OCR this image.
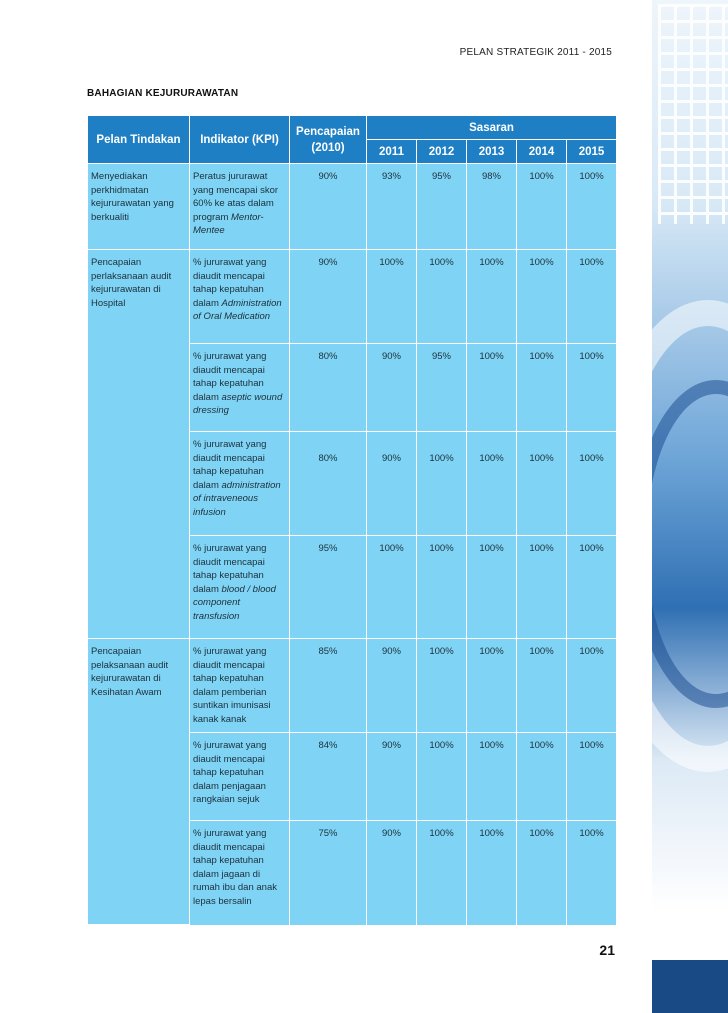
PELAN STRATEGIK 2011 - 2015
BAHAGIAN KEJURURAWATAN
Pelan Tindakan	Indikator (KPI)	Pencapaian (2010)	Sasaran				
			2011	2012	2013	2014	2015
Menyediakan perkhidmatan kejururawatan yang berkualiti	Peratus jururawat yang mencapai skor 60% ke atas dalam program Mentor-Mentee	90%	93%	95%	98%	100%	100%
Pencapaian perlaksanaan audit kejururawatan di Hospital	% jururawat yang diaudit mencapai tahap kepatuhan dalam Administration of Oral Medication	90%	100%	100%	100%	100%	100%
	% jururawat yang diaudit mencapai tahap kepatuhan dalam aseptic wound dressing	80%	90%	95%	100%	100%	100%
	% jururawat yang diaudit mencapai tahap kepatuhan dalam administration of intraveneous infusion	80%	90%	100%	100%	100%	100%
	% jururawat yang diaudit mencapai tahap kepatuhan dalam blood / blood component transfusion	95%	100%	100%	100%	100%	100%
Pencapaian pelaksanaan audit kejururawatan di Kesihatan Awam	% jururawat yang diaudit mencapai tahap kepatuhan dalam pemberian suntikan imunisasi kanak kanak	85%	90%	100%	100%	100%	100%
	% jururawat yang diaudit mencapai tahap kepatuhan dalam penjagaan rangkaian sejuk	84%	90%	100%	100%	100%	100%
	% jururawat yang diaudit mencapai tahap kepatuhan dalam jagaan di rumah ibu dan anak lepas bersalin	75%	90%	100%	100%	100%	100%
21
